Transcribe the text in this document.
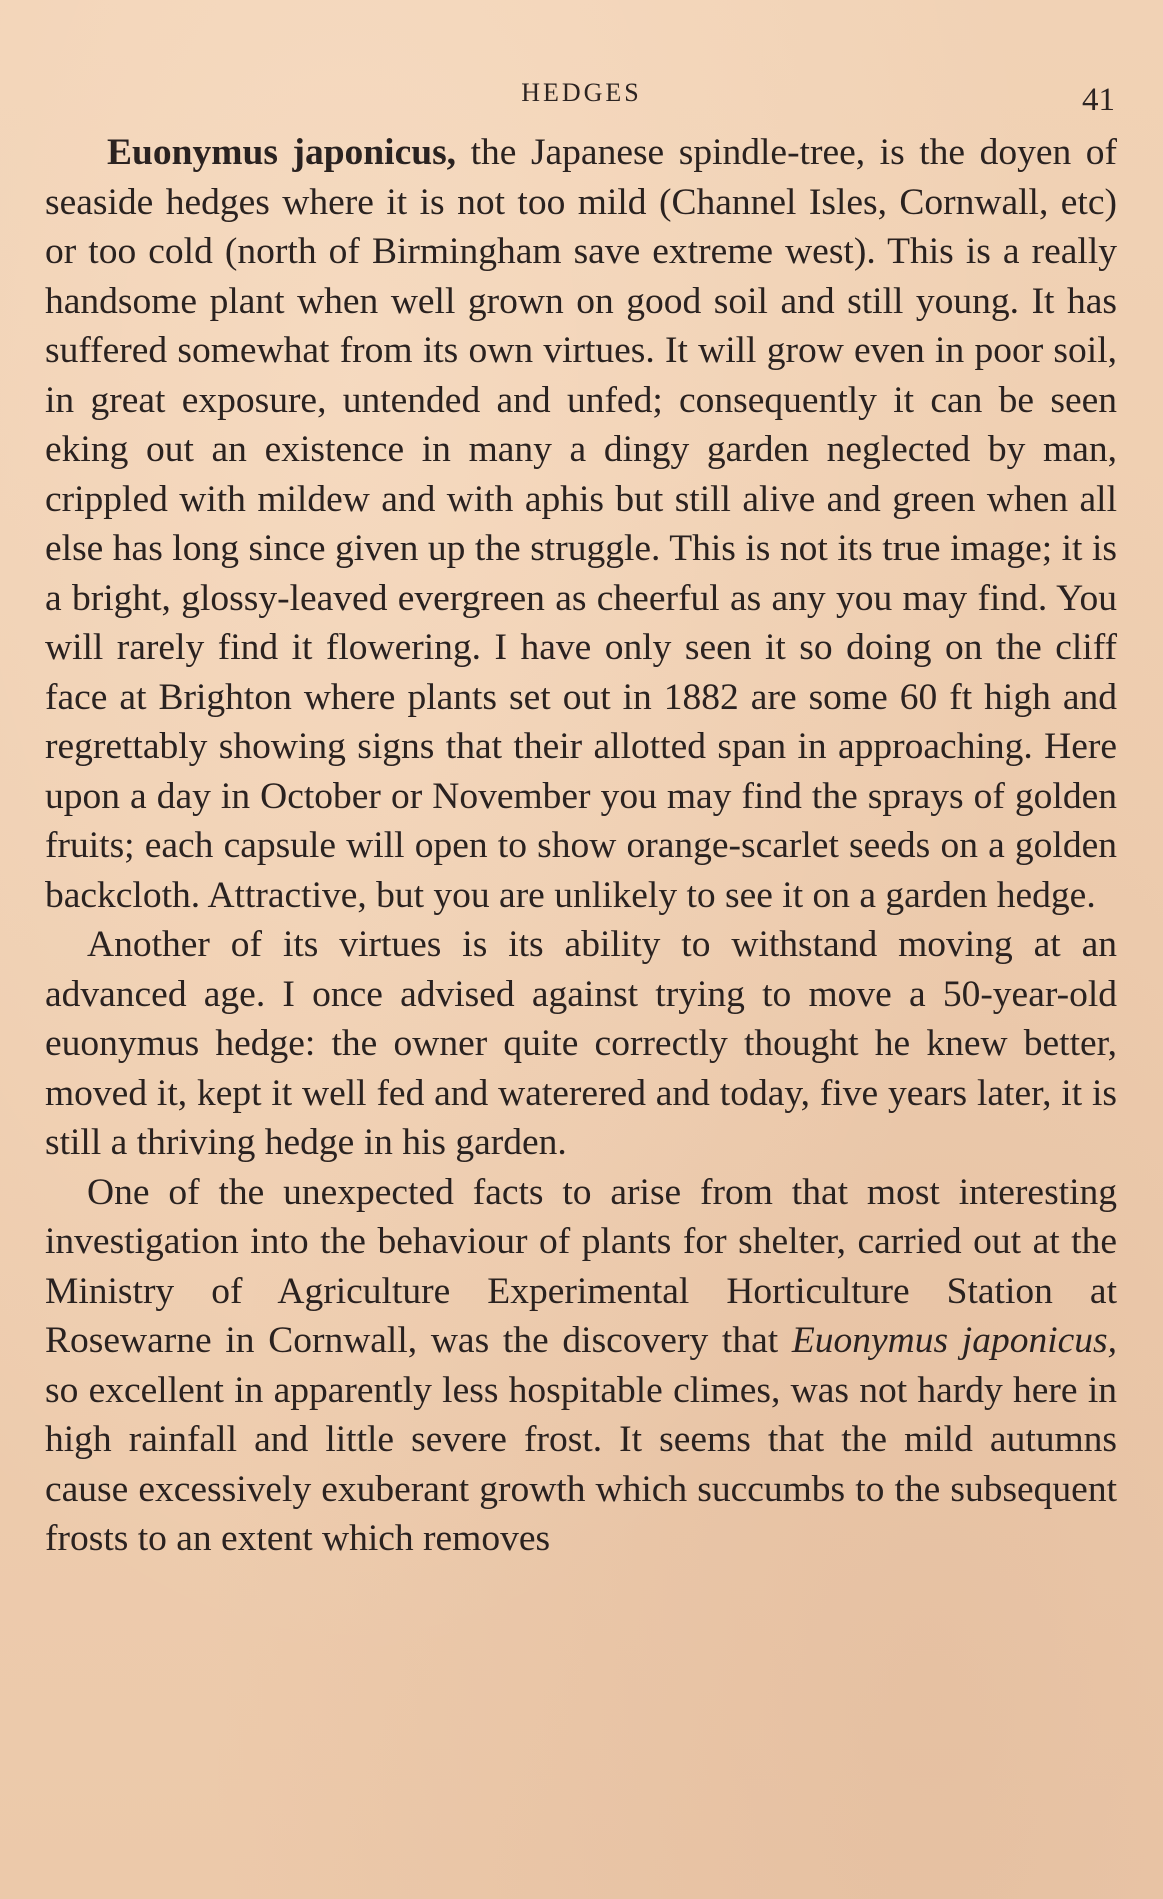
HEDGES	41

Euonymus japonicus, the Japanese spindle-tree, is the doyen of seaside hedges where it is not too mild (Channel Isles, Cornwall, etc) or too cold (north of Birmingham save extreme west). This is a really handsome plant when well grown on good soil and still young. It has suffered somewhat from its own virtues. It will grow even in poor soil, in great exposure, untended and unfed; consequently it can be seen eking out an existence in many a dingy garden neglected by man, crippled with mildew and with aphis but still alive and green when all else has long since given up the struggle. This is not its true image; it is a bright, glossy-leaved evergreen as cheerful as any you may find. You will rarely find it flowering. I have only seen it so doing on the cliff face at Brighton where plants set out in 1882 are some 60 ft high and regrettably showing signs that their allotted span in approaching. Here upon a day in October or November you may find the sprays of golden fruits; each capsule will open to show orange-scarlet seeds on a golden backcloth. Attractive, but you are unlikely to see it on a garden hedge.

Another of its virtues is its ability to withstand moving at an advanced age. I once advised against trying to move a 50-year-old euonymus hedge: the owner quite correctly thought he knew better, moved it, kept it well fed and waterered and today, five years later, it is still a thriving hedge in his garden.

One of the unexpected facts to arise from that most interesting investigation into the behaviour of plants for shelter, carried out at the Ministry of Agriculture Experimental Horticulture Station at Rosewarne in Cornwall, was the discovery that Euonymus japonicus, so excellent in apparently less hospitable climes, was not hardy here in high rainfall and little severe frost. It seems that the mild autumns cause excessively exuberant growth which succumbs to the subsequent frosts to an extent which removes
